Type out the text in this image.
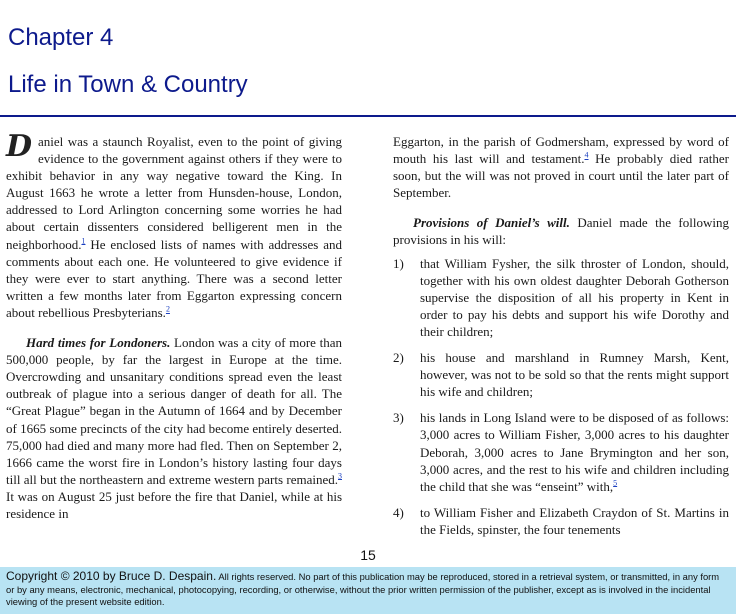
Chapter 4
Life in Town & Country

Daniel was a staunch Royalist, even to the point of giving evidence to the government against others if they were to exhibit behavior in any way negative toward the King. In August 1663 he wrote a letter from Hunsden-house, London, addressed to Lord Arlington concerning some worries he had about certain dissenters considered belligerent men in the neighborhood.$^1$ He enclosed lists of names with addresses and comments about each one. He volunteered to give evidence if they were ever to start anything. There was a second letter written a few months later from Eggarton expressing concern about rebellious Presbyterians.$^2$

Hard times for Londoners. London was a city of more than 500,000 people, by far the largest in Europe at the time. Overcrowding and unsanitary conditions spread even the least outbreak of plague into a serious danger of death for all. The “Great Plague” began in the Autumn of 1664 and by December of 1665 some precincts of the city had become entirely deserted. 75,000 had died and many more had fled. Then on September 2, 1666 came the worst fire in London’s history lasting four days till all but the northeastern and extreme western parts remained.$^3$ It was on August 25 just before the fire that Daniel, while at his residence in

Eggarton, in the parish of Godmersham, expressed by word of mouth his last will and testament.$^4$ He probably died rather soon, but the will was not proved in court until the later part of September.

Provisions of Daniel’s will. Daniel made the following provisions in his will:

1) that William Fysher, the silk throster of London, should, together with his own oldest daughter Deborah Gotherson supervise the disposition of all his property in Kent in order to pay his debts and support his wife Dorothy and their children;
2) his house and marshland in Rumney Marsh, Kent, however, was not to be sold so that the rents might support his wife and children;
3) his lands in Long Island were to be disposed of as follows: 3,000 acres to William Fisher, 3,000 acres to his daughter Deborah, 3,000 acres to Jane Brymington and her son, 3,000 acres, and the rest to his wife and children including the child that she was “enseint” with,$^5$
4) to William Fisher and Elizabeth Craydon of St. Martins in the Fields, spinster, the four tenements
15
Copyright © 2010 by Bruce D. Despain. All rights reserved. No part of this publication may be reproduced, stored in a retrieval system, or transmitted, in any form or by any means, electronic, mechanical, photocopying, recording, or otherwise, without the prior written permission of the publisher, except as is involved in the incidental viewing of the present website edition.
